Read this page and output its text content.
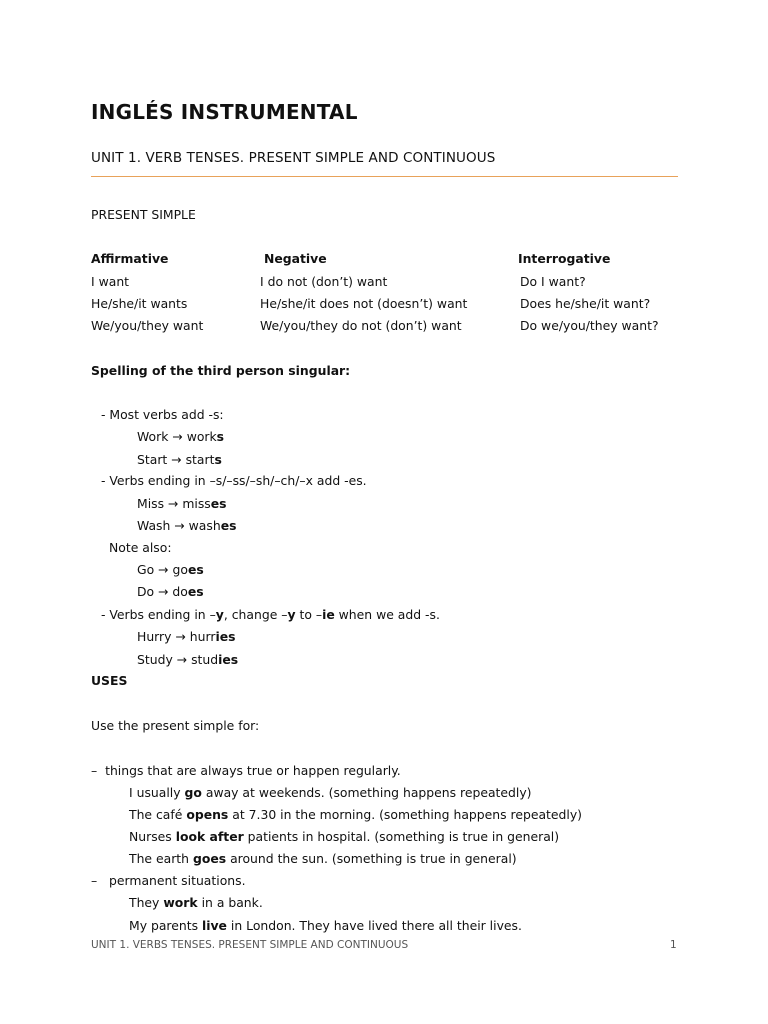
INGLÉS INSTRUMENTAL
UNIT 1. VERB TENSES. PRESENT SIMPLE AND CONTINUOUS
PRESENT SIMPLE
Affirmative	Negative	Interrogative
I want	I do not (don’t) want	Do I want?
He/she/it wants	He/she/it does not (doesn’t) want	Does he/she/it want?
We/you/they want	We/you/they do not (don’t) want	Do we/you/they want?
Spelling of the third person singular:
- Most verbs add -s:
Work → works
Start → starts
- Verbs ending in –s/–ss/–sh/–ch/–x add -es.
Miss → misses
Wash → washes
Note also:
Go → goes
Do → does
- Verbs ending in –y, change –y to –ie when we add -s.
Hurry → hurries
Study → studies
USES
Use the present simple for:
– things that are always true or happen regularly.
I usually go away at weekends. (something happens repeatedly)
The café opens at 7.30 in the morning. (something happens repeatedly)
Nurses look after patients in hospital. (something is true in general)
The earth goes around the sun. (something is true in general)
– permanent situations.
They work in a bank.
My parents live in London. They have lived there all their lives.
UNIT 1. VERBS TENSES. PRESENT SIMPLE AND CONTINUOUS	1
